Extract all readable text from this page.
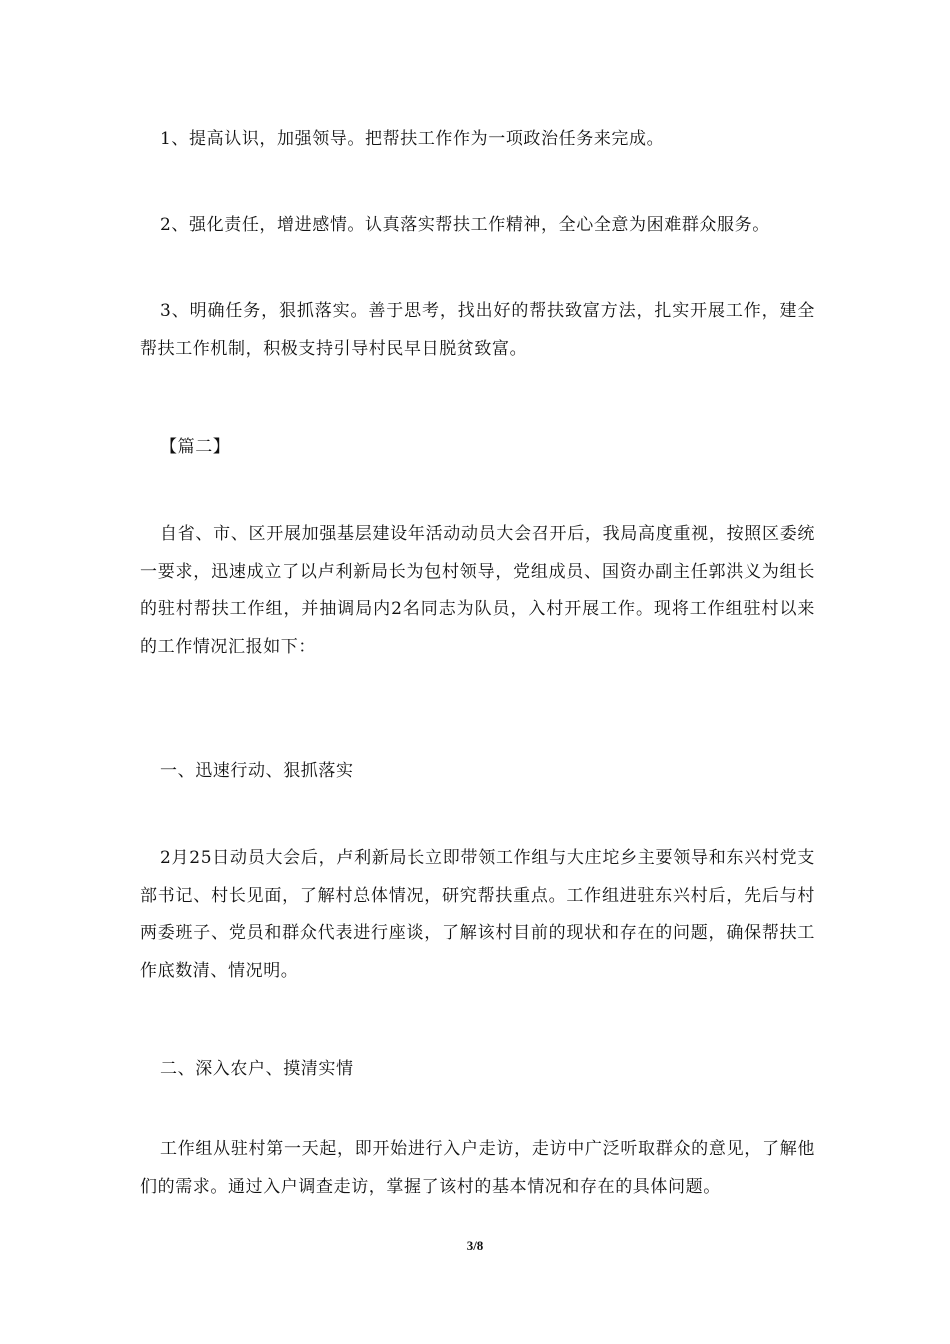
1、提高认识，加强领导。把帮扶工作作为一项政治任务来完成。

2、强化责任，增进感情。认真落实帮扶工作精神，全心全意为困难群众服务。

3、明确任务，狠抓落实。善于思考，找出好的帮扶致富方法，扎实开展工作，建全帮扶工作机制，积极支持引导村民早日脱贫致富。

【篇二】

自省、市、区开展加强基层建设年活动动员大会召开后，我局高度重视，按照区委统一要求，迅速成立了以卢利新局长为包村领导，党组成员、国资办副主任郭洪义为组长的驻村帮扶工作组，并抽调局内2名同志为队员，入村开展工作。现将工作组驻村以来的工作情况汇报如下：

一、迅速行动、狠抓落实

2月25日动员大会后，卢利新局长立即带领工作组与大庄坨乡主要领导和东兴村党支部书记、村长见面，了解村总体情况，研究帮扶重点。工作组进驻东兴村后，先后与村两委班子、党员和群众代表进行座谈，了解该村目前的现状和存在的问题，确保帮扶工作底数清、情况明。

二、深入农户、摸清实情

工作组从驻村第一天起，即开始进行入户走访，走访中广泛听取群众的意见，了解他们的需求。通过入户调查走访，掌握了该村的基本情况和存在的具体问题。

3/8
